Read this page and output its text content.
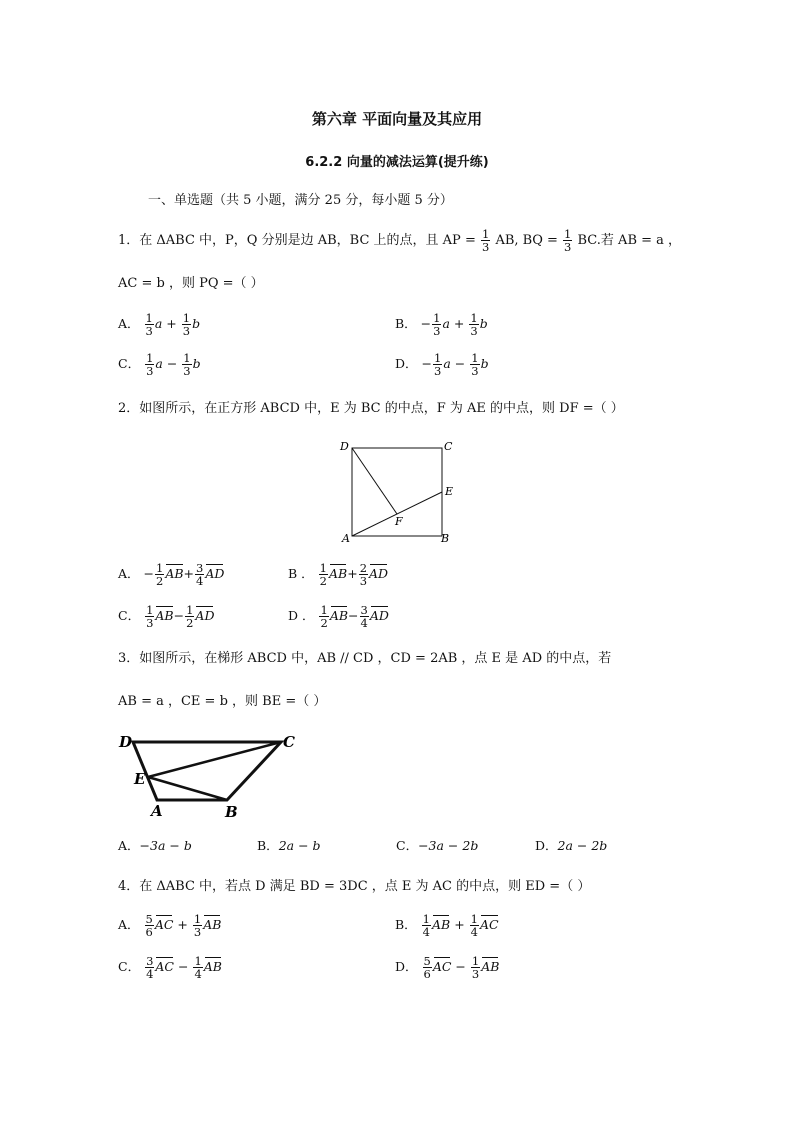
第六章 平面向量及其应用
6.2.2 向量的减法运算(提升练)
一、单选题（共 5 小题，满分 25 分，每小题 5 分）
1．在 ΔABC 中，P，Q 分别是边 AB，BC 上的点，且 AP = $\frac{1}{3}$ AB, BQ = $\frac{1}{3}$ BC.若 AB = a ，
AC = b ，则 PQ =（ ）
A． $\frac{1}{3}$ $a + \frac{1}{3}$ b	B． − $\frac{1}{3}$ $a + \frac{1}{3}$ b
C． $\frac{1}{3}$ $a - \frac{1}{3}$ b	D． − $\frac{1}{3}$ $a - \frac{1}{3}$ b
2．如图所示，在正方形 ABCD 中，E 为 BC 的中点，F 为 AE 的中点，则 DF =（ ）
D	C
E
F
A	B
A． − $\frac{1}{2} AB+ \frac{3}{4}$ AD	B ． $\frac{1}{2} AB+ \frac{2}{3}$ AD
C． $\frac{1}{3} AB- \frac{1}{2}$ AD	D ． $\frac{1}{2} AB- \frac{3}{4}$ AD
3．如图所示，在梯形 ABCD 中，AB // CD ，CD = 2AB ，点 E 是 AD 的中点，若
AB = a ，CE = b ，则 BE =（ ）
D	C
E
A	B
A．−3a − b	B．2a − b	C．−3a − 2b	D．2a − 2b
4．在 ΔABC 中，若点 D 满足 BD = 3DC ，点 E 为 AC 的中点，则 ED =（ ）
A． $\frac{5}{6}$ AC + $\frac{1}{3}$ AB	B． $\frac{1}{4}$ AB + $\frac{1}{4}$ AC
C． $\frac{3}{4}$ AC − $\frac{1}{4}$ AB	D． $\frac{5}{6}$ AC − $\frac{1}{3}$ AB
